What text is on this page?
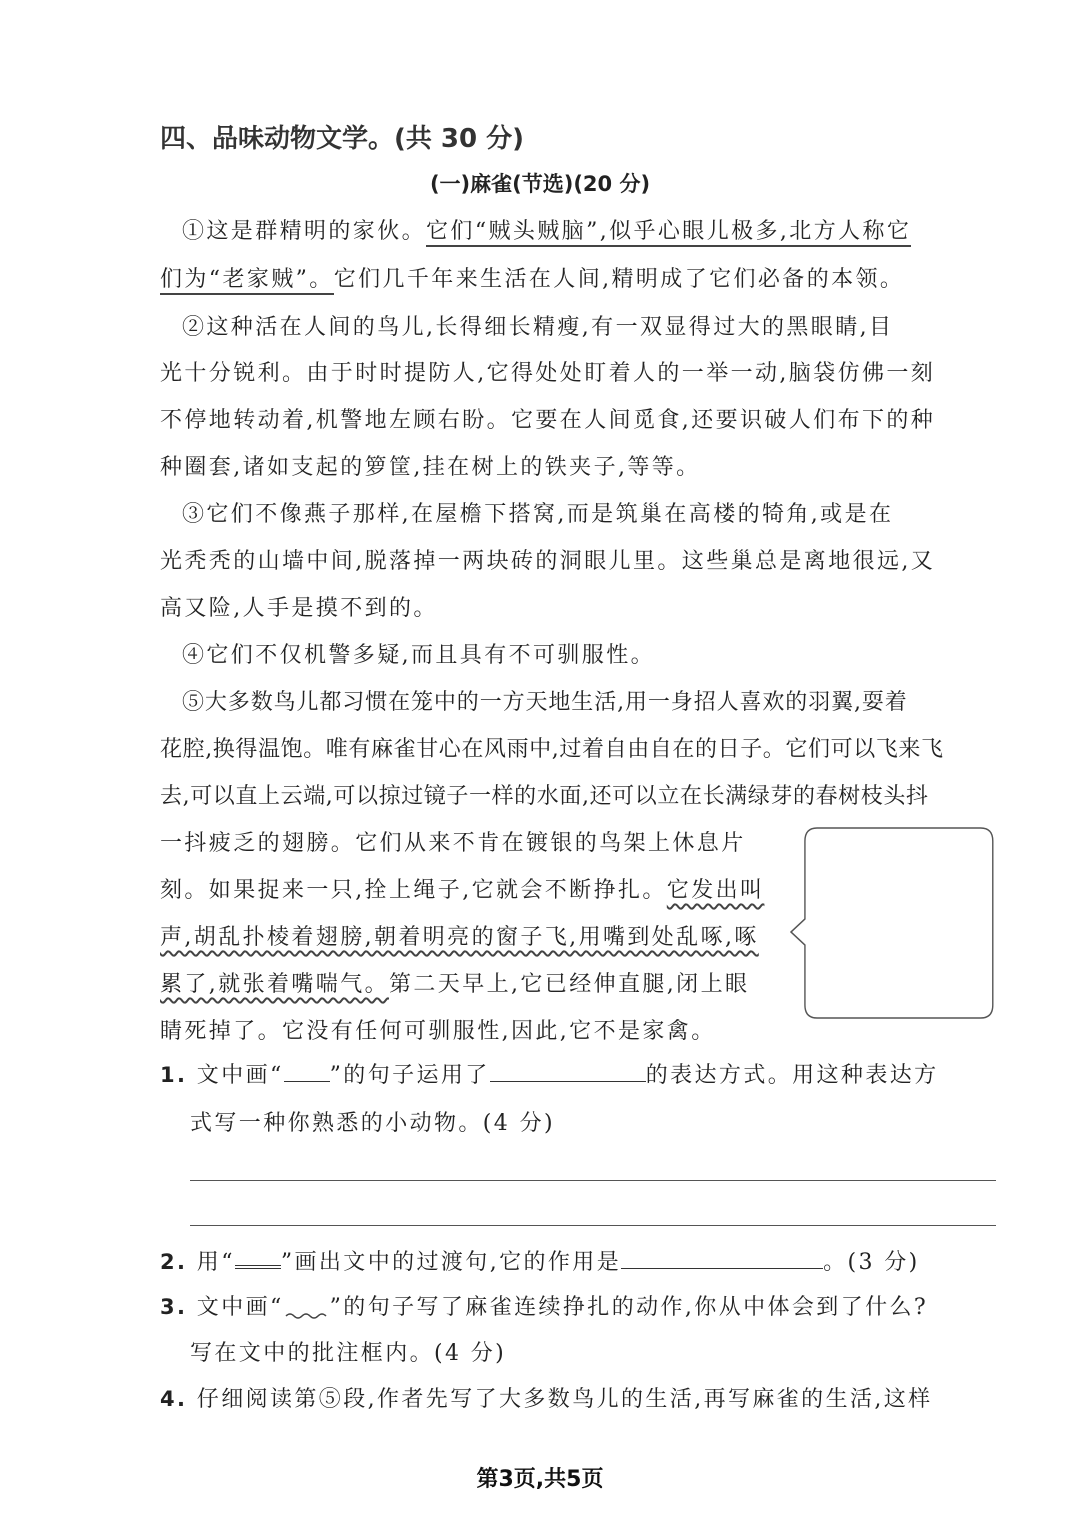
四、品味动物文学。(共 30 分)
(一)麻雀(节选)(20 分)
①这是群精明的家伙。它们“贼头贼脑”,似乎心眼儿极多,北方人称它
们为“老家贼”。它们几千年来生活在人间,精明成了它们必备的本领。
②这种活在人间的鸟儿,长得细长精瘦,有一双显得过大的黑眼睛,目
光十分锐利。由于时时提防人,它得处处盯着人的一举一动,脑袋仿佛一刻
不停地转动着,机警地左顾右盼。它要在人间觅食,还要识破人们布下的种
种圈套,诸如支起的箩筐,挂在树上的铁夹子,等等。
③它们不像燕子那样,在屋檐下搭窝,而是筑巢在高楼的犄角,或是在
光秃秃的山墙中间,脱落掉一两块砖的洞眼儿里。这些巢总是离地很远,又
高又险,人手是摸不到的。
④它们不仅机警多疑,而且具有不可驯服性。
⑤大多数鸟儿都习惯在笼中的一方天地生活,用一身招人喜欢的羽翼,耍着
花腔,换得温饱。唯有麻雀甘心在风雨中,过着自由自在的日子。它们可以飞来飞
去,可以直上云端,可以掠过镜子一样的水面,还可以立在长满绿芽的春树枝头抖
一抖疲乏的翅膀。它们从来不肯在镀银的鸟架上休息片
刻。如果捉来一只,拴上绳子,它就会不断挣扎。它发出叫
声,胡乱扑棱着翅膀,朝着明亮的窗子飞,用嘴到处乱啄,啄
累了,就张着嘴喘气。第二天早上,它已经伸直腿,闭上眼
睛死掉了。它没有任何可驯服性,因此,它不是家禽。
1. 文中画“ ”的句子运用了	的表达方式。用这种表达方
式写一种你熟悉的小动物。(4 分)
2. 用“ ”画出文中的过渡句,它的作用是	。(3 分)
3. 文中画“ ”的句子写了麻雀连续挣扎的动作,你从中体会到了什么?
写在文中的批注框内。(4 分)
4. 仔细阅读第⑤段,作者先写了大多数鸟儿的生活,再写麻雀的生活,这样
第3页,共5页
